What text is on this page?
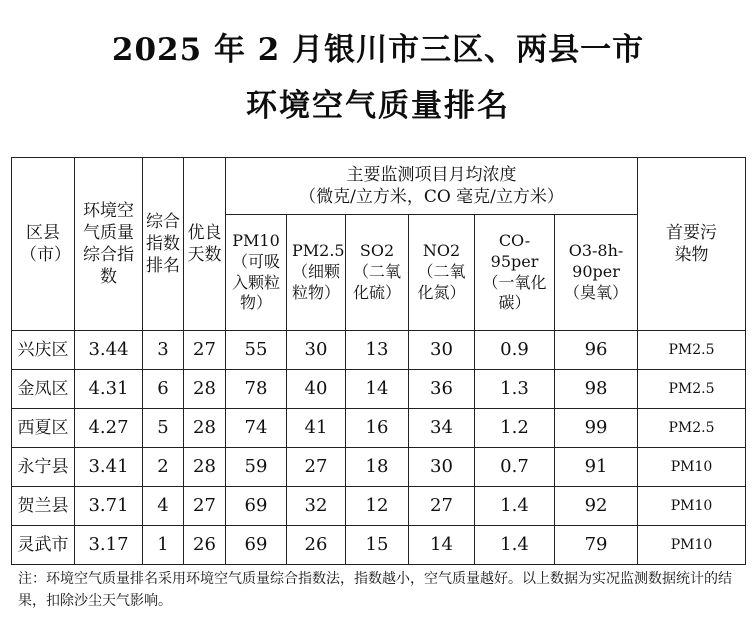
2025 年 2 月银川市三区、两县一市
环境空气质量排名
区县（市）	环境空气质量综合指数	综合指数排名	优良天数	主要监测项目月均浓度
（微克/立方米，CO 毫克/立方米）						首要污染物
				PM10（可吸入颗粒物）	PM2.5（细颗粒物）	SO2（二氧化硫）	NO2（二氧化氮）	CO-95per（一氧化碳）	O3-8h-90per（臭氧）	
兴庆区	3.44	3	27	55	30	13	30	0.9	96	PM2.5
金凤区	4.31	6	28	78	40	14	36	1.3	98	PM2.5
西夏区	4.27	5	28	74	41	16	34	1.2	99	PM2.5
永宁县	3.41	2	28	59	27	18	30	0.7	91	PM10
贺兰县	3.71	4	27	69	32	12	27	1.4	92	PM10
灵武市	3.17	1	26	69	26	15	14	1.4	79	PM10
注：环境空气质量排名采用环境空气质量综合指数法，指数越小，空气质量越好。以上数据为实况监测数据统计的结果，扣除沙尘天气影响。
